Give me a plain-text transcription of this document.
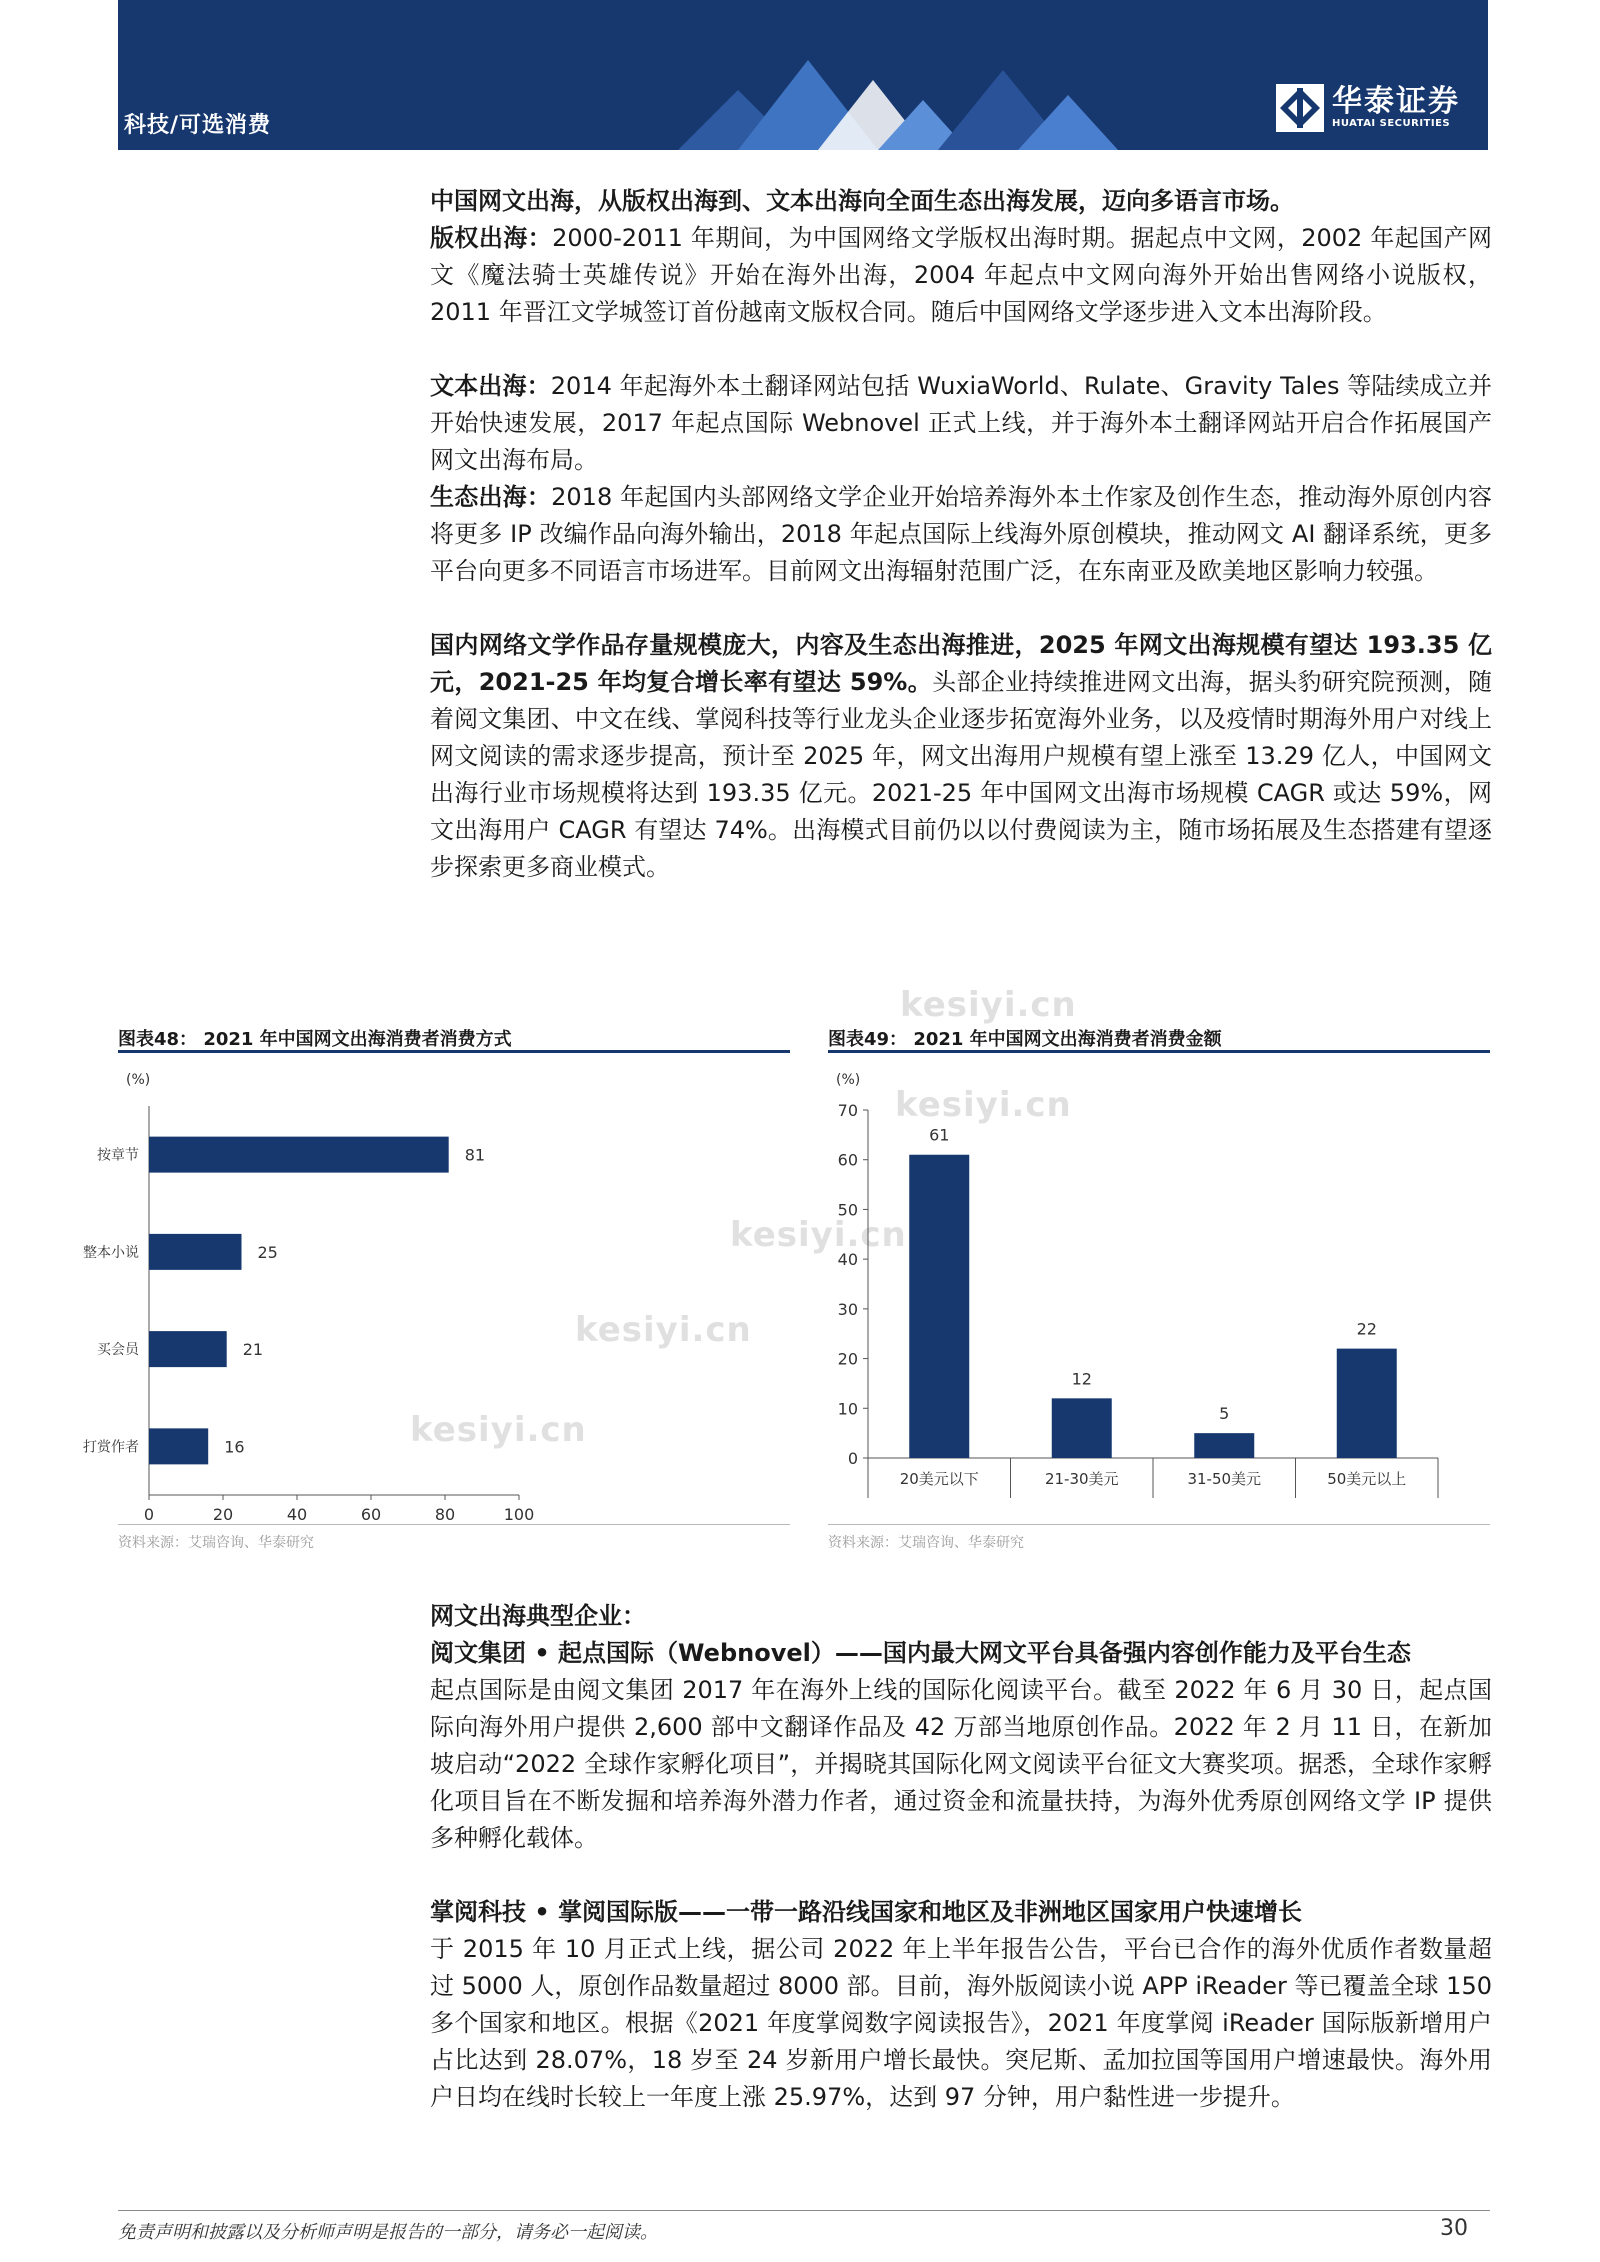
科技/可选消费
华泰证券
HUATAI SECURITIES
kesiyi.cn
kesiyi.cn
kesiyi.cn
kesiyi.cn
kesiyi.cn

中国网文出海，从版权出海到、文本出海向全面生态出海发展，迈向多语言市场。

版权出海：2000-2011 年期间，为中国网络文学版权出海时期。据起点中文网，2002 年起国产网文《魔法骑士英雄传说》开始在海外出海，2004 年起点中文网向海外开始出售网络小说版权，2011 年晋江文学城签订首份越南文版权合同。随后中国网络文学逐步进入文本出海阶段。

文本出海：2014 年起海外本土翻译网站包括 WuxiaWorld、Rulate、Gravity Tales 等陆续成立并开始快速发展，2017 年起点国际 Webnovel 正式上线，并于海外本土翻译网站开启合作拓展国产网文出海布局。

生态出海：2018 年起国内头部网络文学企业开始培养海外本土作家及创作生态，推动海外原创内容将更多 IP 改编作品向海外输出，2018 年起点国际上线海外原创模块，推动网文 AI 翻译系统，更多平台向更多不同语言市场进军。目前网文出海辐射范围广泛，在东南亚及欧美地区影响力较强。

国内网络文学作品存量规模庞大，内容及生态出海推进，2025 年网文出海规模有望达 193.35 亿元，2021-25 年均复合增长率有望达 59%。头部企业持续推进网文出海，据头豹研究院预测，随着阅文集团、中文在线、掌阅科技等行业龙头企业逐步拓宽海外业务，以及疫情时期海外用户对线上网文阅读的需求逐步提高，预计至 2025 年，网文出海用户规模有望上涨至 13.29 亿人，中国网文出海行业市场规模将达到 193.35 亿元。2021-25 年中国网文出海市场规模 CAGR 或达 59%，网文出海用户 CAGR 有望达 74%。出海模式目前仍以以付费阅读为主，随市场拓展及生态搭建有望逐步探索更多商业模式。

图表48： 2021 年中国网文出海消费者消费方式
(%)
按章节	81
整本小说	25
买会员	21
打赏作者	16
0	20	40	60	80	100
资料来源：艾瑞咨询、华泰研究
图表49： 2021 年中国网文出海消费者消费金额
(%)
0
10
20
30
40
50
60
70
61
20美元以下
12
21-30美元
5
31-50美元
22
50美元以上
资料来源：艾瑞咨询、华泰研究

网文出海典型企业：

阅文集团 • 起点国际（Webnovel）——国内最大网文平台具备强内容创作能力及平台生态

起点国际是由阅文集团 2017 年在海外上线的国际化阅读平台。截至 2022 年 6 月 30 日，起点国际向海外用户提供 2,600 部中文翻译作品及 42 万部当地原创作品。2022 年 2 月 11 日，在新加坡启动“2022 全球作家孵化项目”，并揭晓其国际化网文阅读平台征文大赛奖项。据悉，全球作家孵化项目旨在不断发掘和培养海外潜力作者，通过资金和流量扶持，为海外优秀原创网络文学 IP 提供多种孵化载体。

掌阅科技 • 掌阅国际版——一带一路沿线国家和地区及非洲地区国家用户快速增长

于 2015 年 10 月正式上线，据公司 2022 年上半年报告公告，平台已合作的海外优质作者数量超过 5000 人，原创作品数量超过 8000 部。目前，海外版阅读小说 APP iReader 等已覆盖全球 150 多个国家和地区。根据《2021 年度掌阅数字阅读报告》，2021 年度掌阅 iReader 国际版新增用户占比达到 28.07%，18 岁至 24 岁新用户增长最快。突尼斯、孟加拉国等国用户增速最快。海外用户日均在线时长较上一年度上涨 25.97%，达到 97 分钟，用户黏性进一步提升。

免责声明和披露以及分析师声明是报告的一部分，请务必一起阅读。	30
